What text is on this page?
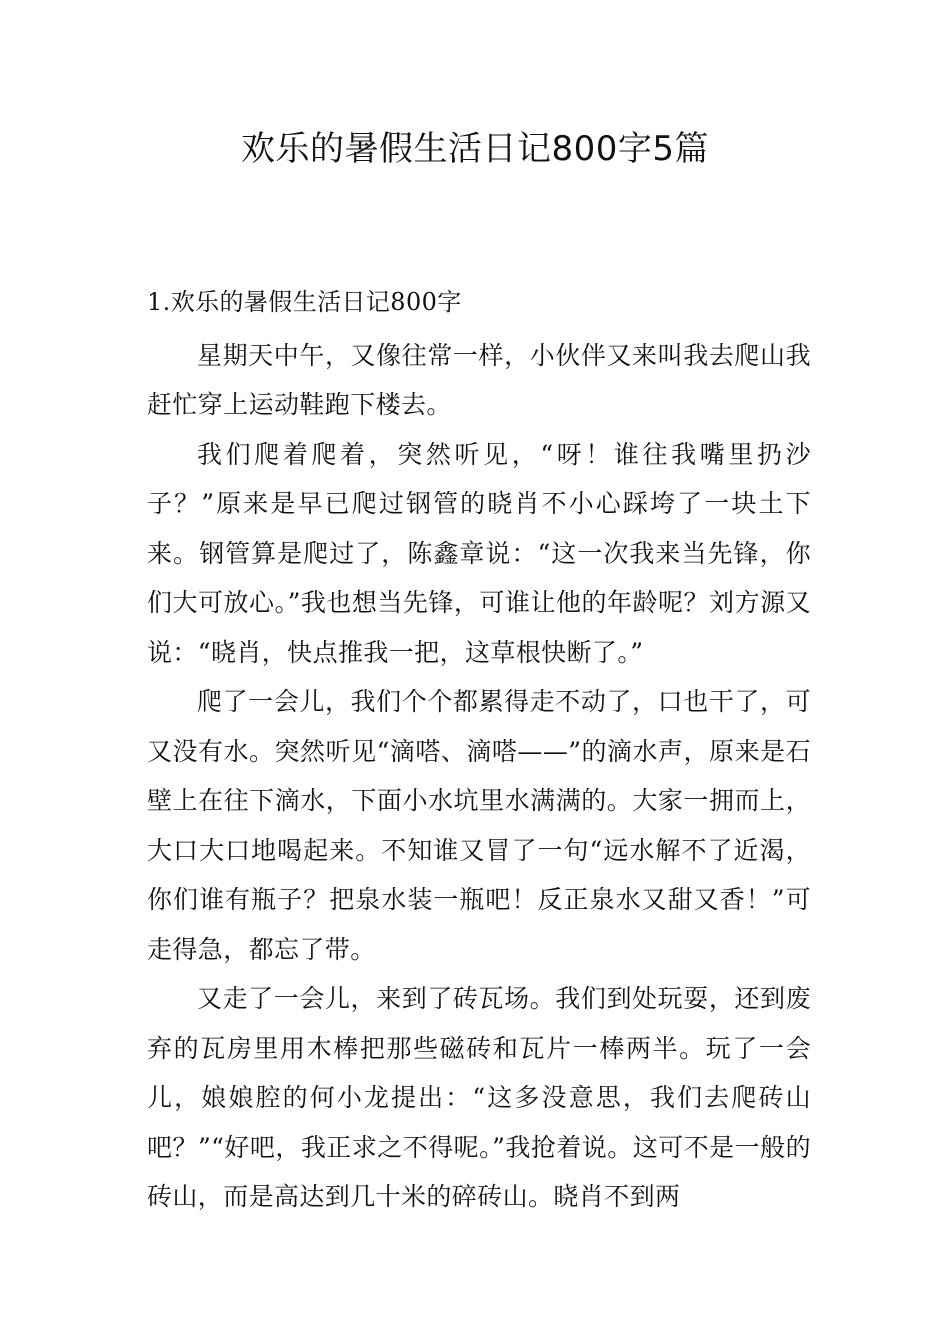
欢乐的暑假生活日记800字5篇

1.欢乐的暑假生活日记800字

星期天中午，又像往常一样，小伙伴又来叫我去爬山我赶忙穿上运动鞋跑下楼去。

我们爬着爬着，突然听见，“呀！谁往我嘴里扔沙子？”原来是早已爬过钢管的晓肖不小心踩垮了一块土下来。钢管算是爬过了，陈鑫章说：“这一次我来当先锋，你们大可放心。”我也想当先锋，可谁让他的年龄呢？刘方源又说：“晓肖，快点推我一把，这草根快断了。”

爬了一会儿，我们个个都累得走不动了，口也干了，可又没有水。突然听见“滴嗒、滴嗒——”的滴水声，原来是石壁上在往下滴水，下面小水坑里水满满的。大家一拥而上，大口大口地喝起来。不知谁又冒了一句“远水解不了近渴，你们谁有瓶子？把泉水装一瓶吧！反正泉水又甜又香！”可走得急，都忘了带。

又走了一会儿，来到了砖瓦场。我们到处玩耍，还到废弃的瓦房里用木棒把那些磁砖和瓦片一棒两半。玩了一会儿，娘娘腔的何小龙提出：“这多没意思，我们去爬砖山吧？”“好吧，我正求之不得呢。”我抢着说。这可不是一般的砖山，而是高达到几十米的碎砖山。晓肖不到两
